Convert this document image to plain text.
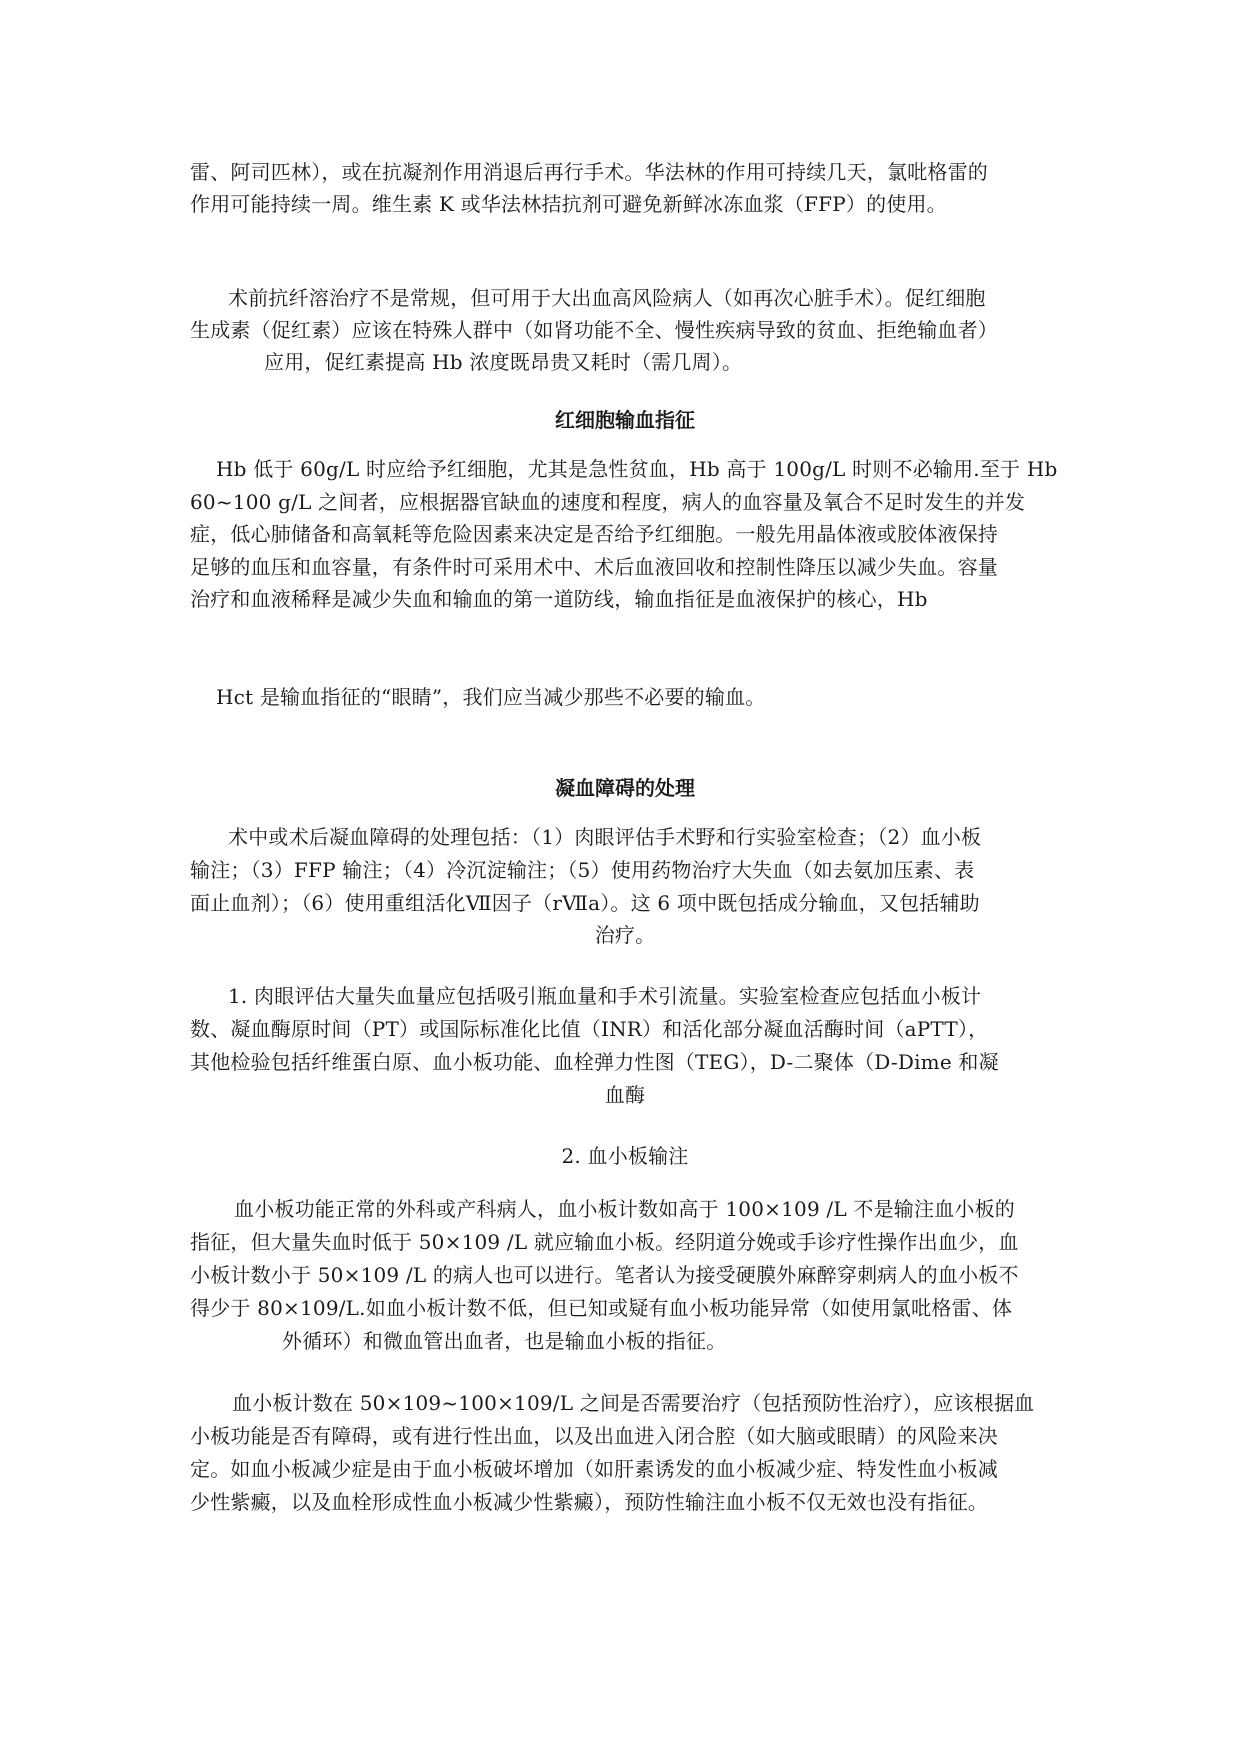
雷、阿司匹林），或在抗凝剂作用消退后再行手术。华法林的作用可持续几天，氯吡格雷的
作用可能持续一周。维生素 K 或华法林拮抗剂可避免新鲜冰冻血浆（FFP）的使用。
术前抗纤溶治疗不是常规，但可用于大出血高风险病人（如再次心脏手术）。促红细胞
生成素（促红素）应该在特殊人群中（如肾功能不全、慢性疾病导致的贫血、拒绝输血者）
应用，促红素提高 Hb 浓度既昂贵又耗时（需几周）。
红细胞输血指征
Hb 低于 60g/L 时应给予红细胞，尤其是急性贫血，Hb 高于 100g/L 时则不必输用.至于 Hb
60~100 g/L 之间者，应根据器官缺血的速度和程度，病人的血容量及氧合不足时发生的并发
症，低心肺储备和高氧耗等危险因素来决定是否给予红细胞。一般先用晶体液或胶体液保持
足够的血压和血容量，有条件时可采用术中、术后血液回收和控制性降压以减少失血。容量
治疗和血液稀释是减少失血和输血的第一道防线，输血指征是血液保护的核心，Hb
Hct 是输血指征的“眼睛”，我们应当减少那些不必要的输血。
凝血障碍的处理
术中或术后凝血障碍的处理包括：（1）肉眼评估手术野和行实验室检查；（2）血小板
输注；（3）FFP 输注；（4）冷沉淀输注；（5）使用药物治疗大失血（如去氨加压素、表
面止血剂）；（6）使用重组活化Ⅶ因子（rⅦa）。这 6 项中既包括成分输血，又包括辅助
治疗。
1. 肉眼评估大量失血量应包括吸引瓶血量和手术引流量。实验室检查应包括血小板计
数、凝血酶原时间（PT）或国际标准化比值（INR）和活化部分凝血活酶时间（aPTT），
其他检验包括纤维蛋白原、血小板功能、血栓弹力性图（TEG），D-二聚体（D-Dime 和凝
血酶
2. 血小板输注
血小板功能正常的外科或产科病人，血小板计数如高于 100×109 /L 不是输注血小板的
指征，但大量失血时低于 50×109 /L 就应输血小板。经阴道分娩或手诊疗性操作出血少，血
小板计数小于 50×109 /L 的病人也可以进行。笔者认为接受硬膜外麻醉穿刺病人的血小板不
得少于 80×109/L.如血小板计数不低，但已知或疑有血小板功能异常（如使用氯吡格雷、体
外循环）和微血管出血者，也是输血小板的指征。
血小板计数在 50×109~100×109/L 之间是否需要治疗（包括预防性治疗），应该根据血
小板功能是否有障碍，或有进行性出血，以及出血进入闭合腔（如大脑或眼睛）的风险来决
定。如血小板减少症是由于血小板破坏增加（如肝素诱发的血小板减少症、特发性血小板减
少性紫癜，以及血栓形成性血小板减少性紫癜），预防性输注血小板不仅无效也没有指征。
